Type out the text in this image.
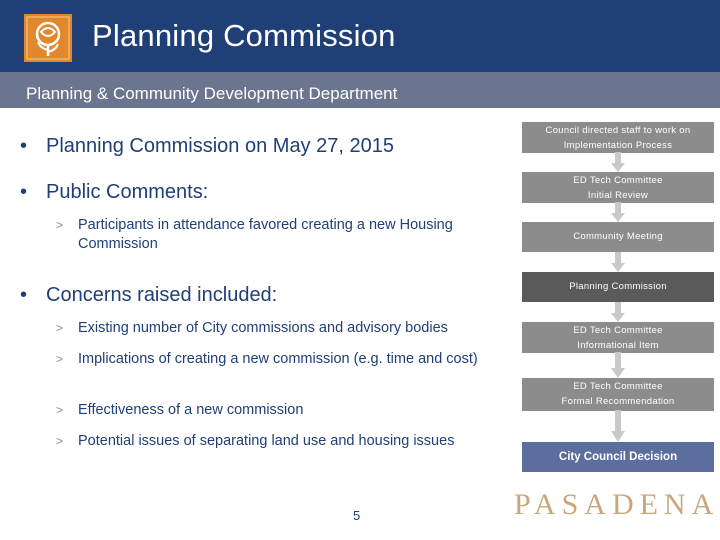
Planning Commission
Planning & Community Development Department
• Planning Commission on May 27, 2015
• Public Comments:
> Participants in attendance favored creating a new Housing Commission
• Concerns raised included:
> Existing number of City commissions and advisory bodies
> Implications of creating a new commission (e.g. time and cost)
> Effectiveness of a new commission
> Potential issues of separating land use and housing issues
Council directed staff to work on
Implementation Process
ED Tech Committee
Initial Review
Community Meeting
Planning Commission
ED Tech Committee
Informational Item
ED Tech Committee
Formal Recommendation
City Council Decision
5	PASADENA
